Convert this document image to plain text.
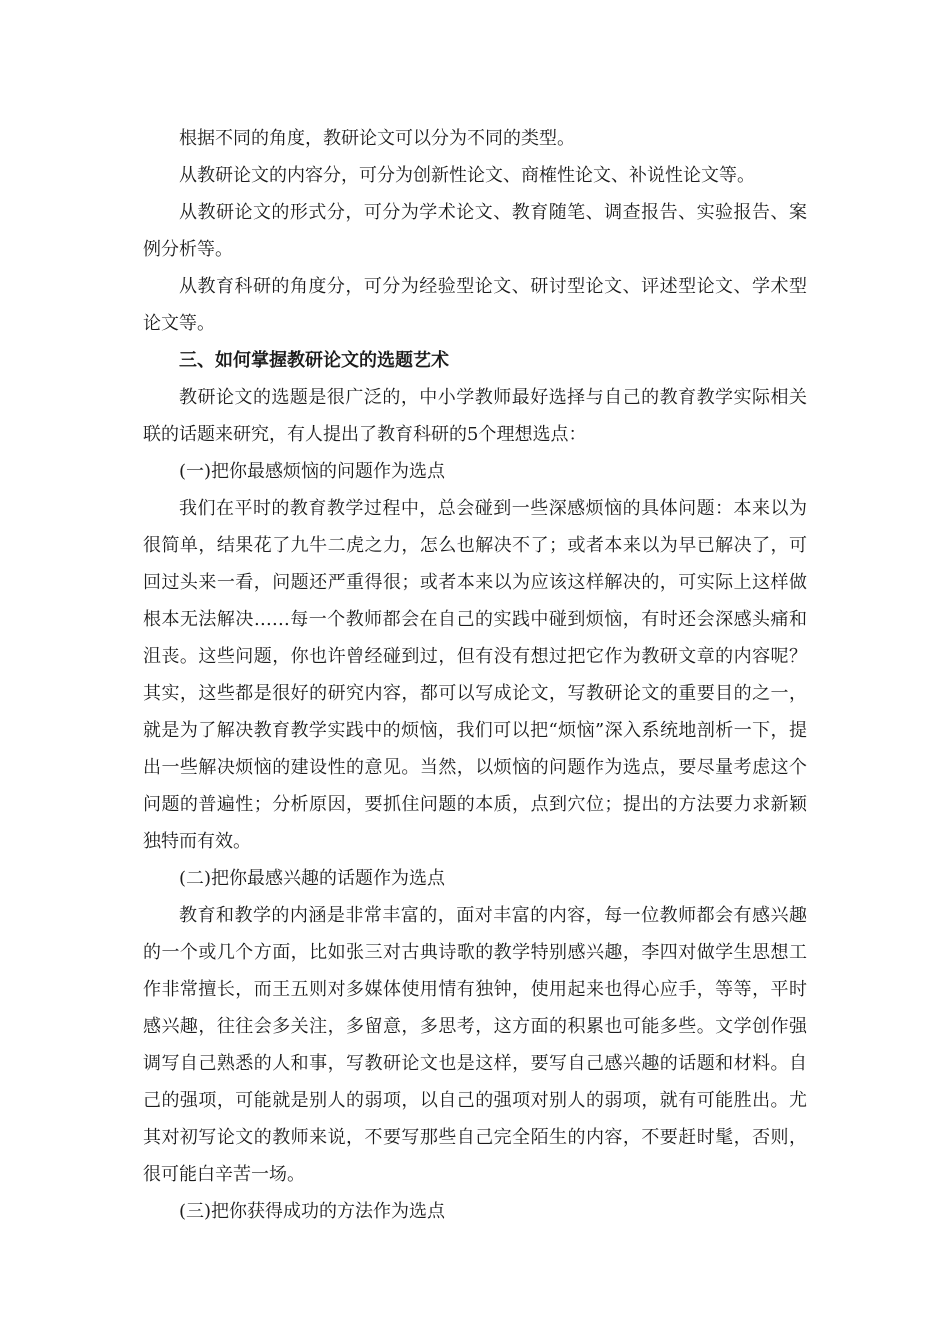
根据不同的角度，教研论文可以分为不同的类型。

从教研论文的内容分，可分为创新性论文、商榷性论文、补说性论文等。

从教研论文的形式分，可分为学术论文、教育随笔、调查报告、实验报告、案例分析等。

从教育科研的角度分，可分为经验型论文、研讨型论文、评述型论文、学术型论文等。

三、如何掌握教研论文的选题艺术

教研论文的选题是很广泛的，中小学教师最好选择与自己的教育教学实际相关联的话题来研究，有人提出了教育科研的5个理想选点：

(一)把你最感烦恼的问题作为选点

我们在平时的教育教学过程中，总会碰到一些深感烦恼的具体问题：本来以为很简单，结果花了九牛二虎之力，怎么也解决不了；或者本来以为早已解决了，可回过头来一看，问题还严重得很；或者本来以为应该这样解决的，可实际上这样做根本无法解决……每一个教师都会在自己的实践中碰到烦恼，有时还会深感头痛和沮丧。这些问题，你也许曾经碰到过，但有没有想过把它作为教研文章的内容呢？其实，这些都是很好的研究内容，都可以写成论文，写教研论文的重要目的之一，就是为了解决教育教学实践中的烦恼，我们可以把“烦恼”深入系统地剖析一下，提出一些解决烦恼的建设性的意见。当然，以烦恼的问题作为选点，要尽量考虑这个问题的普遍性；分析原因，要抓住问题的本质，点到穴位；提出的方法要力求新颖独特而有效。

(二)把你最感兴趣的话题作为选点

教育和教学的内涵是非常丰富的，面对丰富的内容，每一位教师都会有感兴趣的一个或几个方面，比如张三对古典诗歌的教学特别感兴趣，李四对做学生思想工作非常擅长，而王五则对多媒体使用情有独钟，使用起来也得心应手，等等，平时感兴趣，往往会多关注，多留意，多思考，这方面的积累也可能多些。文学创作强调写自己熟悉的人和事，写教研论文也是这样，要写自己感兴趣的话题和材料。自己的强项，可能就是别人的弱项，以自己的强项对别人的弱项，就有可能胜出。尤其对初写论文的教师来说，不要写那些自己完全陌生的内容，不要赶时髦，否则，很可能白辛苦一场。

(三)把你获得成功的方法作为选点
